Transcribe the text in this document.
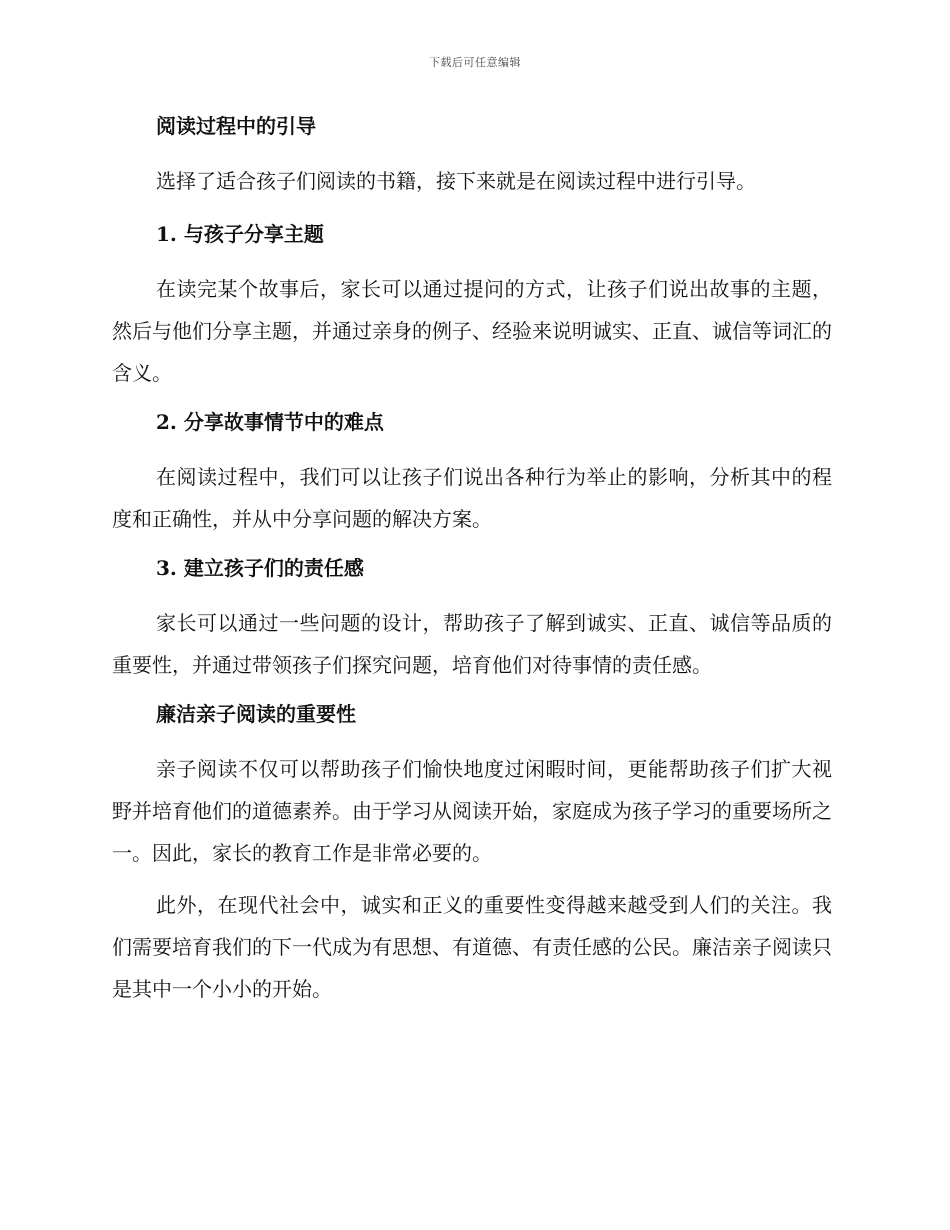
下载后可任意编辑
阅读过程中的引导
选择了适合孩子们阅读的书籍，接下来就是在阅读过程中进行引导。
1. 与孩子分享主题
在读完某个故事后，家长可以通过提问的方式，让孩子们说出故事的主题，然后与他们分享主题，并通过亲身的例子、经验来说明诚实、正直、诚信等词汇的含义。
2. 分享故事情节中的难点
在阅读过程中，我们可以让孩子们说出各种行为举止的影响，分析其中的程度和正确性，并从中分享问题的解决方案。
3. 建立孩子们的责任感
家长可以通过一些问题的设计，帮助孩子了解到诚实、正直、诚信等品质的重要性，并通过带领孩子们探究问题，培育他们对待事情的责任感。
廉洁亲子阅读的重要性
亲子阅读不仅可以帮助孩子们愉快地度过闲暇时间，更能帮助孩子们扩大视野并培育他们的道德素养。由于学习从阅读开始，家庭成为孩子学习的重要场所之一。因此，家长的教育工作是非常必要的。
此外，在现代社会中，诚实和正义的重要性变得越来越受到人们的关注。我们需要培育我们的下一代成为有思想、有道德、有责任感的公民。廉洁亲子阅读只是其中一个小小的开始。
